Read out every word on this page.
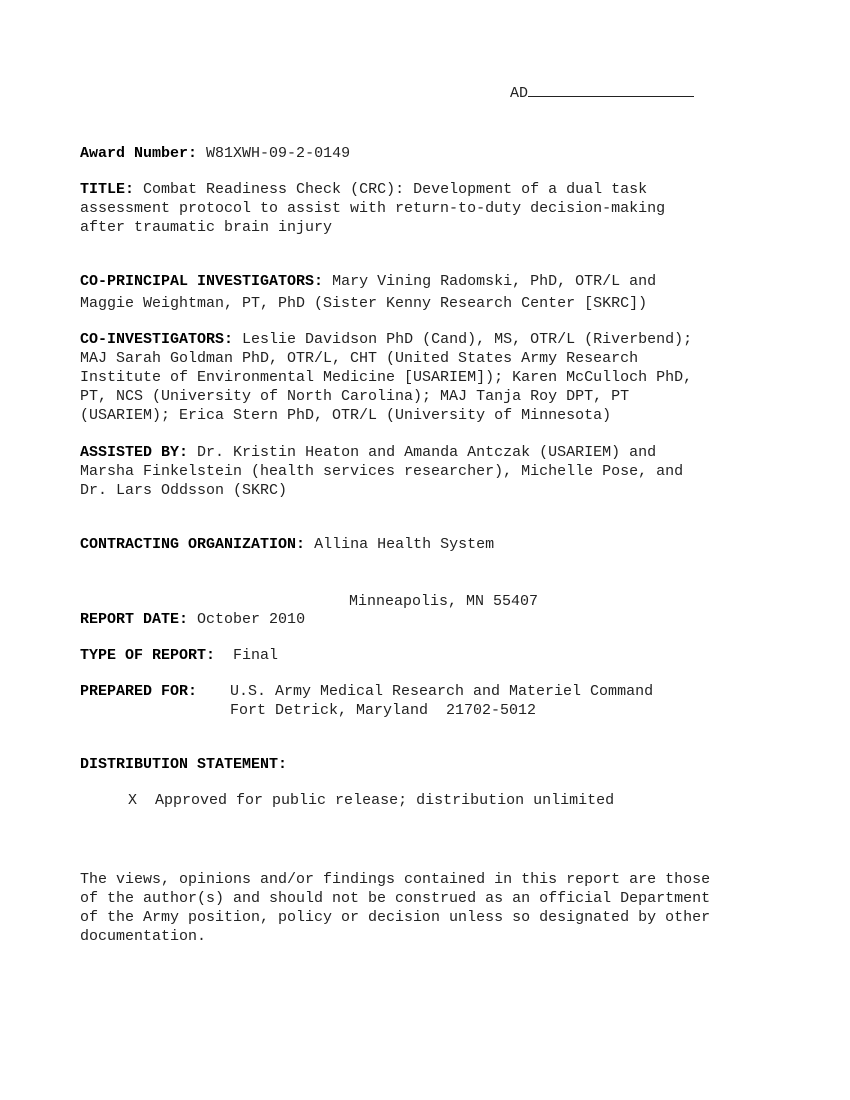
AD
Award Number: W81XWH-09-2-0149
TITLE: Combat Readiness Check (CRC): Development of a dual task
assessment protocol to assist with return-to-duty decision-making
after traumatic brain injury
CO-PRINCIPAL INVESTIGATORS: Mary Vining Radomski, PhD, OTR/L and
Maggie Weightman, PT, PhD (Sister Kenny Research Center [SKRC])
CO-INVESTIGATORS: Leslie Davidson PhD (Cand), MS, OTR/L (Riverbend);
MAJ Sarah Goldman PhD, OTR/L, CHT (United States Army Research
Institute of Environmental Medicine [USARIEM]); Karen McCulloch PhD,
PT, NCS (University of North Carolina); MAJ Tanja Roy DPT, PT
(USARIEM); Erica Stern PhD, OTR/L (University of Minnesota)
ASSISTED BY: Dr. Kristin Heaton and Amanda Antczak (USARIEM) and
Marsha Finkelstein (health services researcher), Michelle Pose, and
Dr. Lars Oddsson (SKRC)
CONTRACTING ORGANIZATION: Allina Health System
Minneapolis, MN 55407
REPORT DATE: October 2010
TYPE OF REPORT: Final
PREPARED FOR: U.S. Army Medical Research and Materiel Command
Fort Detrick, Maryland  21702-5012
DISTRIBUTION STATEMENT:
X Approved for public release; distribution unlimited
The views, opinions and/or findings contained in this report are those
of the author(s) and should not be construed as an official Department
of the Army position, policy or decision unless so designated by other
documentation.
